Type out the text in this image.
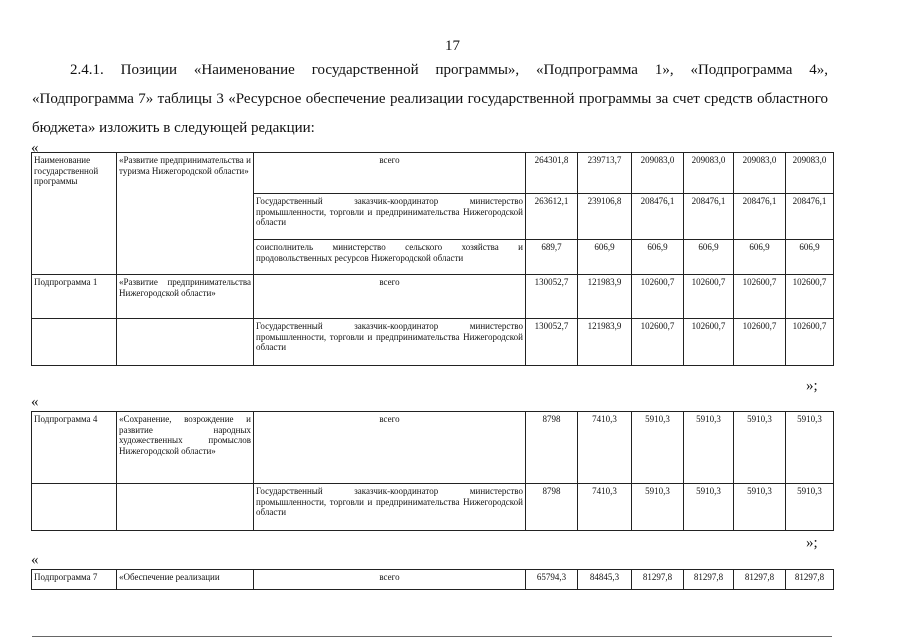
17

2.4.1. Позиции «Наименование государственной программы», «Подпрограмма 1», «Подпрограмма 4», «Подпрограмма 7» таблицы 3 «Ресурсное обеспечение реализации государственной программы за счет средств областного бюджета» изложить в следующей редакции:

«
Наименование государственной программы	«Развитие предпринимательства и туризма Нижегородской области»	всего	264301,8	239713,7	209083,0	209083,0	209083,0	209083,0
		Государственный заказчик-координатор министерство промышленности, торговли и предпринимательства Нижегородской области	263612,1	239106,8	208476,1	208476,1	208476,1	208476,1
		соисполнитель министерство сельского хозяйства и продовольственных ресурсов Нижегородской области	689,7	606,9	606,9	606,9	606,9	606,9
Подпрограмма 1	«Развитие предпринимательства Нижегородской области»	всего	130052,7	121983,9	102600,7	102600,7	102600,7	102600,7
		Государственный заказчик-координатор министерство промышленности, торговли и предпринимательства Нижегородской области	130052,7	121983,9	102600,7	102600,7	102600,7	102600,7
»;
«
Подпрограмма 4	«Сохранение, возрождение и развитие народных художественных промыслов Нижегородской области»	всего	8798	7410,3	5910,3	5910,3	5910,3	5910,3
		Государственный заказчик-координатор министерство промышленности, торговли и предпринимательства Нижегородской области	8798	7410,3	5910,3	5910,3	5910,3	5910,3
»;
«
Подпрограмма 7	«Обеспечение реализации	всего	65794,3	84845,3	81297,8	81297,8	81297,8	81297,8
